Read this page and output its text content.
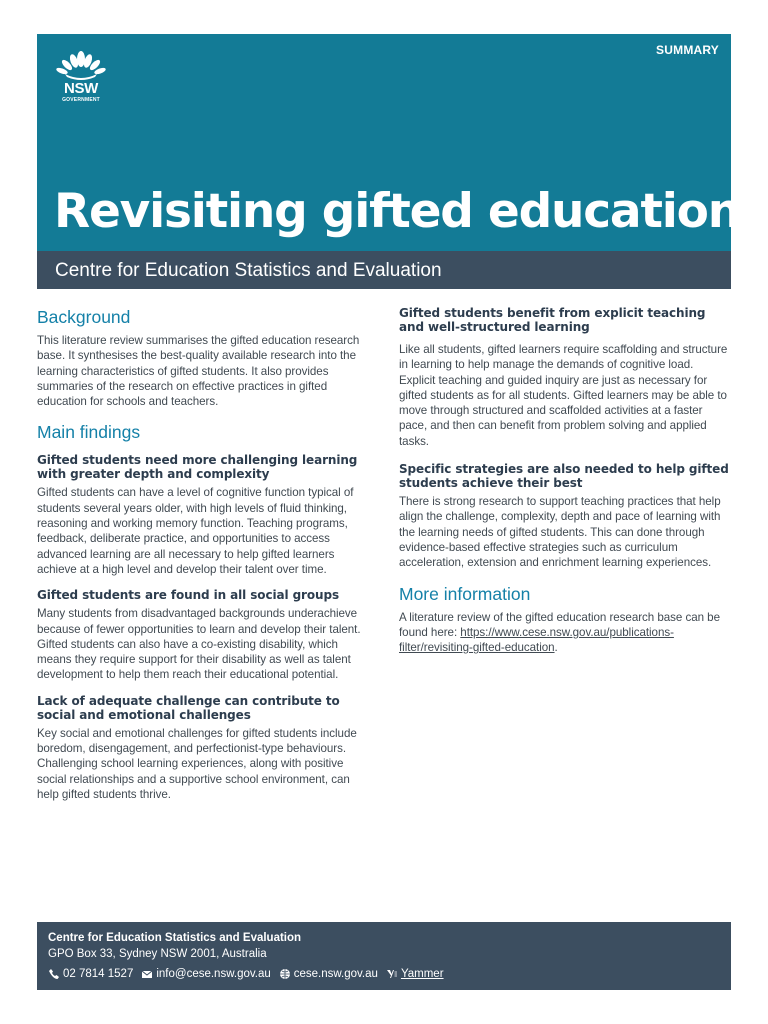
SUMMARY
NSW
GOVERNMENT
Revisiting gifted education
Centre for Education Statistics and Evaluation
Background
This literature review summarises the gifted education research base. It synthesises the best-quality available research into the learning characteristics of gifted students. It also provides summaries of the research on effective practices in gifted education for schools and teachers.
Main findings
Gifted students need more challenging learning with greater depth and complexity
Gifted students can have a level of cognitive function typical of students several years older, with high levels of fluid thinking, reasoning and working memory function. Teaching programs, feedback, deliberate practice, and opportunities to access advanced learning are all necessary to help gifted learners achieve at a high level and develop their talent over time.
Gifted students are found in all social groups
Many students from disadvantaged backgrounds underachieve because of fewer opportunities to learn and develop their talent. Gifted students can also have a co-existing disability, which means they require support for their disability as well as talent development to help them reach their educational potential.
Lack of adequate challenge can contribute to social and emotional challenges
Key social and emotional challenges for gifted students include boredom, disengagement, and perfectionist-type behaviours. Challenging school learning experiences, along with positive social relationships and a supportive school environment, can help gifted students thrive.
Gifted students benefit from explicit teaching and well-structured learning
Like all students, gifted learners require scaffolding and structure in learning to help manage the demands of cognitive load. Explicit teaching and guided inquiry are just as necessary for gifted students as for all students. Gifted learners may be able to move through structured and scaffolded activities at a faster pace, and then can benefit from problem solving and applied tasks.
Specific strategies are also needed to help gifted students achieve their best
There is strong research to support teaching practices that help align the challenge, complexity, depth and pace of learning with the learning needs of gifted students. This can done through evidence-based effective strategies such as curriculum acceleration, extension and enrichment learning experiences.
More information
A literature review of the gifted education research base can be found here: https://www.cese.nsw.gov.au/publications-filter/revisiting-gifted-education.
Centre for Education Statistics and Evaluation
GPO Box 33, Sydney NSW 2001, Australia
02 7814 1527 info@cese.nsw.gov.au cese.nsw.gov.au Yammer
